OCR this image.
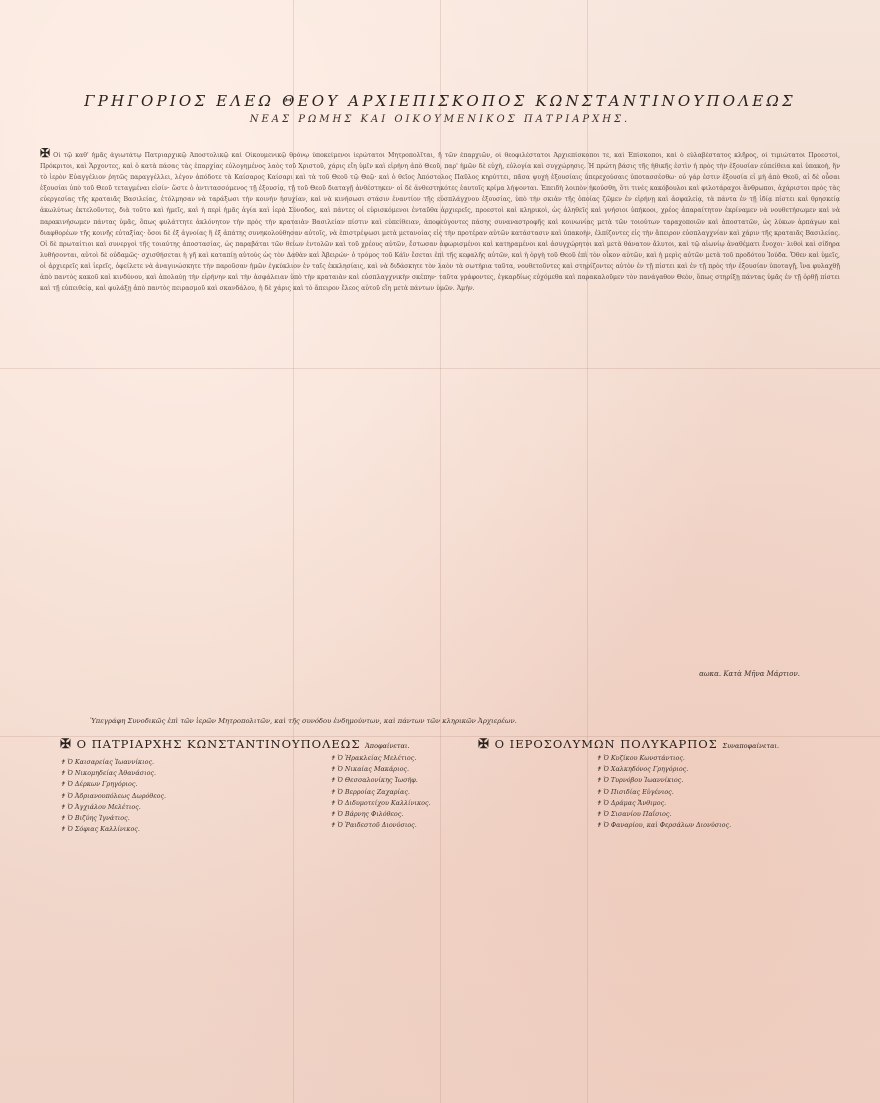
ΓΡΗΓΟΡΙΟΣ ΕΛΕΩ ΘΕΟΥ ΑΡΧΙΕΠΙΣΚΟΠΟΣ ΚΩΝΣΤΑΝΤΙΝΟΥΠΟΛΕΩΣ
ΝΕΑΣ ΡΩΜΗΣ ΚΑΙ ΟΙΚΟΥΜΕΝΙΚΟΣ ΠΑΤΡΙΑΡΧΗΣ.
✠ Οἱ τῷ καθ' ἡμᾶς ἁγιωτάτῳ Πατριαρχικῷ Ἀποστολικῷ καὶ Οἰκουμενικῷ θρόνῳ ὑποκείμενοι ἱερώτατοι Μητροπολῖται, ἤ τῶν ἐπαρχιῶν, οἱ θεοφιλέστατοι Ἀρχιεπίσκοποι τε, καὶ Ἐπίσκοποι, καὶ ὁ εὐλαβέστατος κλῆρος, οἱ τιμιώτατοι Προεστοὶ, Πρόκριτοι, καὶ Ἄρχοντες, καὶ ὁ κατὰ πάσας τὰς ἐπαρχίας εὐλογημένος λαὸς τοῦ Χριστοῦ, χάρις εἴη ὑμῖν καὶ εἰρήνη ἀπὸ Θεοῦ, παρ' ἡμῶν δὲ εὐχὴ, εὐλογία καὶ συγχώρησις. Ἡ πρώτη βάσις τῆς ἠθικῆς ἐστὶν ἡ πρὸς τὴν ἐξουσίαν εὐπείθεια καὶ ὑπακοὴ, ἣν τὸ ἱερὸν Εὐαγγέλιον ῥητῶς παραγγέλλει, λέγον ἀπόδοτε τὰ Καίσαρος Καίσαρι καὶ τὰ τοῦ Θεοῦ τῷ Θεῷ· καὶ ὁ θεῖος Ἀπόστολος Παῦλος κηρύττει, πᾶσα ψυχὴ ἐξουσίαις ὑπερεχούσαις ὑποτασσέσθω· οὐ γάρ ἐστιν ἐξουσία εἰ μὴ ἀπὸ Θεοῦ, αἱ δὲ οὖσαι ἐξουσίαι ὑπὸ τοῦ Θεοῦ τεταγμέναι εἰσίν· ὥστε ὁ ἀντιτασσόμενος τῇ ἐξουσίᾳ, τῇ τοῦ Θεοῦ διαταγῇ ἀνθέστηκεν· οἱ δὲ ἀνθεστηκότες ἑαυτοῖς κρίμα λήψονται. Ἐπειδὴ λοιπὸν ἠκούσθη, ὅτι τινὲς κακόβουλοι καὶ φιλοτάραχοι ἄνθρωποι, ἀχάριστοι πρὸς τὰς εὐεργεσίας τῆς κραταιᾶς Βασιλείας, ἐτόλμησαν νὰ ταράξωσι τὴν κοινὴν ἡσυχίαν, καὶ νὰ κινήσωσι στάσιν ἐναντίον τῆς εὐσπλάγχνου ἐξουσίας, ὑπὸ τὴν σκιὰν τῆς ὁποίας ζῶμεν ἐν εἰρήνῃ καὶ ἀσφαλείᾳ, τὰ πάντα ἐν τῇ ἰδίᾳ πίστει καὶ θρησκείᾳ ἀκωλύτως ἐκτελοῦντες, διὰ τοῦτο καὶ ἡμεῖς, καὶ ἡ περὶ ἡμᾶς ἁγία καὶ ἱερὰ Σύνοδος, καὶ πάντες οἱ εὑρισκόμενοι ἐνταῦθα ἀρχιερεῖς, προεστοὶ καὶ κληρικοὶ, ὡς ἀληθεῖς καὶ γνήσιοι ὑπήκοοι, χρέος ἀπαραίτητον ἐκρίναμεν νὰ νουθετήσωμεν καὶ νὰ παρακινήσωμεν πάντας ὑμᾶς, ὅπως φυλάττητε ἀκλόνητον τὴν πρὸς τὴν κραταιὰν Βασιλείαν πίστιν καὶ εὐπείθειαν, ἀποφεύγοντες πάσης συναναστροφῆς καὶ κοινωνίας μετὰ τῶν τοιούτων ταραχοποιῶν καὶ ἀποστατῶν, ὡς λύκων ἁρπάγων καὶ διαφθορέων τῆς κοινῆς εὐταξίας· ὅσοι δὲ ἐξ ἀγνοίας ἢ ἐξ ἀπάτης συνηκολούθησαν αὐτοῖς, νὰ ἐπιστρέψωσι μετὰ μετανοίας εἰς τὴν προτέραν αὐτῶν κατάστασιν καὶ ὑπακοὴν, ἐλπίζοντες εἰς τὴν ἄπειρον εὐσπλαγχνίαν καὶ χάριν τῆς κραταιᾶς Βασιλείας. Οἱ δὲ πρωταίτιοι καὶ συνεργοὶ τῆς τοιαύτης ἀποστασίας, ὡς παραβάται τῶν θείων ἐντολῶν καὶ τοῦ χρέους αὐτῶν, ἔστωσαν ἀφωρισμένοι καὶ κατηραμένοι καὶ ἀσυγχώρητοι καὶ μετὰ θάνατον ἄλυτοι, καὶ τῷ αἰωνίῳ ἀναθέματι ἔνοχοι· λιθοὶ καὶ σίδηρα λυθήσονται, αὐτοὶ δὲ οὐδαμῶς· σχισθήσεται ἡ γῆ καὶ καταπίῃ αὐτοὺς ὡς τὸν Δαθὰν καὶ Ἀβειρών· ὁ τρόμος τοῦ Κάϊν ἔσεται ἐπὶ τῆς κεφαλῆς αὐτῶν, καὶ ἡ ὀργὴ τοῦ Θεοῦ ἐπὶ τὸν οἶκον αὐτῶν, καὶ ἡ μερὶς αὐτῶν μετὰ τοῦ προδότου Ἰούδα. Ὅθεν καὶ ὑμεῖς, οἱ ἀρχιερεῖς καὶ ἱερεῖς, ὀφείλετε νὰ ἀναγινώσκητε τὴν παροῦσαν ἡμῶν ἐγκύκλιον ἐν ταῖς ἐκκλησίαις, καὶ νὰ διδάσκητε τὸν λαὸν τὰ σωτήρια ταῦτα, νουθετοῦντες καὶ στηρίζοντες αὐτὸν ἐν τῇ πίστει καὶ ἐν τῇ πρὸς τὴν ἐξουσίαν ὑποταγῇ, ἵνα φυλαχθῇ ἀπὸ παντὸς κακοῦ καὶ κινδύνου, καὶ ἀπολαύῃ τὴν εἰρήνην καὶ τὴν ἀσφάλειαν ὑπὸ τὴν κραταιὰν καὶ εὐσπλαγχνικὴν σκέπην· ταῦτα γράφοντες, ἐγκαρδίως εὐχόμεθα καὶ παρακαλοῦμεν τὸν πανάγαθον Θεὸν, ὅπως στηρίξῃ πάντας ὑμᾶς ἐν τῇ ὀρθῇ πίστει καὶ τῇ εὐπειθείᾳ, καὶ φυλάξῃ ἀπὸ παντὸς πειρασμοῦ καὶ σκανδάλου, ἡ δὲ χάρις καὶ τὸ ἄπειρον ἔλεος αὐτοῦ εἴη μετὰ πάντων ὑμῶν. Ἀμήν.
αωκα. Κατὰ Μῆνα Μάρτιον.
Ὑπεγράφη Συνοδικῶς ἐπὶ τῶν ἱερῶν Μητροπολιτῶν, καὶ τῆς συνόδου ἐνδημούντων, καὶ πάντων τῶν κληρικῶν Ἀρχιερέων.
✠ Ο ΠΑΤΡΙΑΡΧΗΣ ΚΩΝΣΤΑΝΤΙΝΟΥΠΟΛΕΩΣ Ἀποφαίνεται.	✠ Ο ΙΕΡΟΣΟΛΥΜΩΝ ΠΟΛΥΚΑΡΠΟΣ Συναποφαίνεται.
✝ Ὁ Καισαρείας Ἰωαννίκιος.
✝ Ὁ Νικομηδείας Ἀθανάσιος.
✝ Ὁ Δέρκων Γρηγόριος.
✝ Ὁ Ἀδριανουπόλεως Δωρόθεος.
✝ Ὁ Ἀγχιάλου Μελέτιος.
✝ Ὁ Βιζύης Ἰγνάτιος.
✝ Ὁ Σόφιας Καλλίνικος.
✝ Ὁ Ἡρακλείας Μελέτιος.
✝ Ὁ Νικαίας Μακάριος.
✝ Ὁ Θεσσαλονίκης Ἰωσήφ.
✝ Ὁ Βερροίας Ζαχαρίας.
✝ Ὁ Διδυμοτείχου Καλλίνικος.
✝ Ὁ Βάρνης Φιλόθεος.
✝ Ὁ Ῥαιδεστοῦ Διονύσιος.
✝ Ὁ Κυζίκου Κωνστάντιος.
✝ Ὁ Χαλκηδόνος Γρηγόριος.
✝ Ὁ Τυρνόβου Ἰωαννίκιος.
✝ Ὁ Πισιδίας Εὐγένιος.
✝ Ὁ Δράμας Ἄνθιμος.
✝ Ὁ Σισανίου Παΐσιος.
✝ Ὁ Φαναρίου, καὶ Φερσάλων Διονύσιος.
